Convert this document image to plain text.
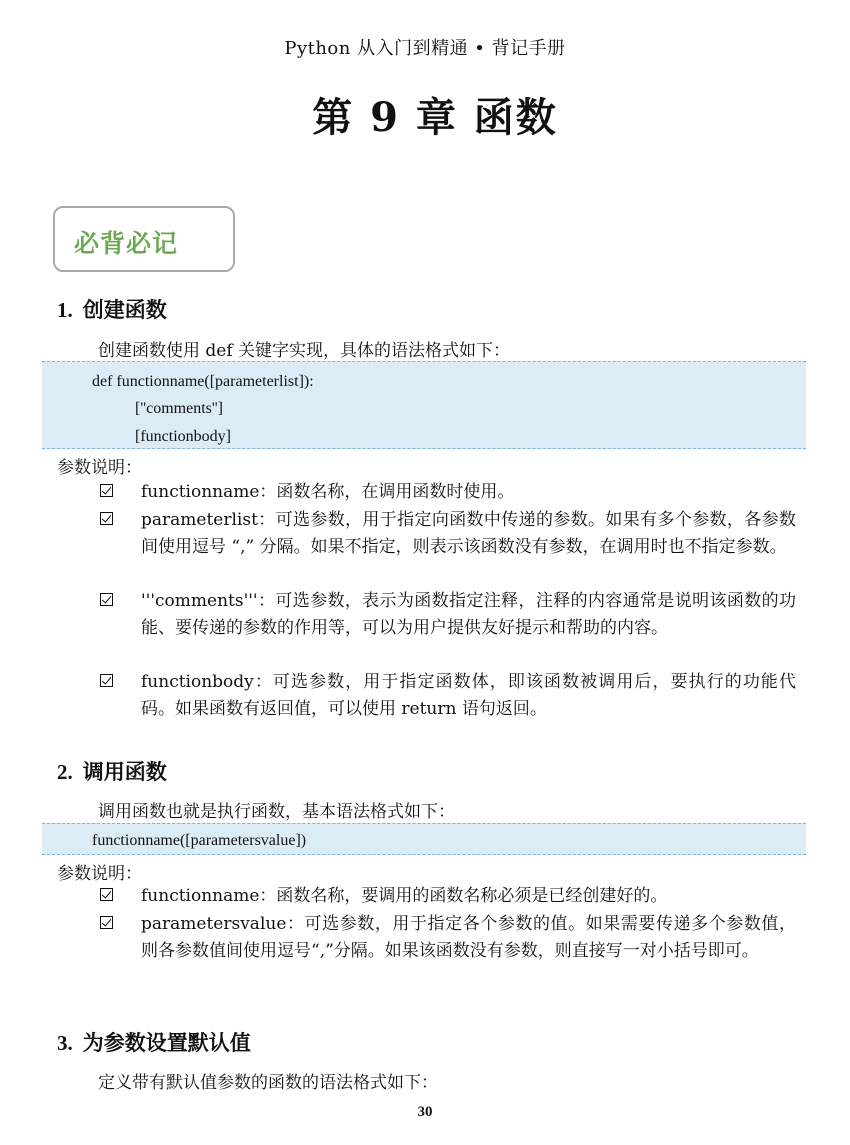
Python 从入门到精通 • 背记手册
第 9 章 函数
必背必记
1. 创建函数
创建函数使用 def 关键字实现，具体的语法格式如下：
def functionname([parameterlist]):
[''comments'']
[functionbody]
参数说明：
functionname：函数名称，在调用函数时使用。
parameterlist：可选参数，用于指定向函数中传递的参数。如果有多个参数，各参数间使用逗号 “,” 分隔。如果不指定，则表示该函数没有参数，在调用时也不指定参数。
'''comments'''：可选参数，表示为函数指定注释，注释的内容通常是说明该函数的功能、要传递的参数的作用等，可以为用户提供友好提示和帮助的内容。
functionbody：可选参数，用于指定函数体，即该函数被调用后，要执行的功能代码。如果函数有返回值，可以使用 return 语句返回。
2. 调用函数
调用函数也就是执行函数，基本语法格式如下：
functionname([parametersvalue])
参数说明：
functionname：函数名称，要调用的函数名称必须是已经创建好的。
parametersvalue：可选参数，用于指定各个参数的值。如果需要传递多个参数值，则各参数值间使用逗号“,”分隔。如果该函数没有参数，则直接写一对小括号即可。
3. 为参数设置默认值
定义带有默认值参数的函数的语法格式如下：
30
